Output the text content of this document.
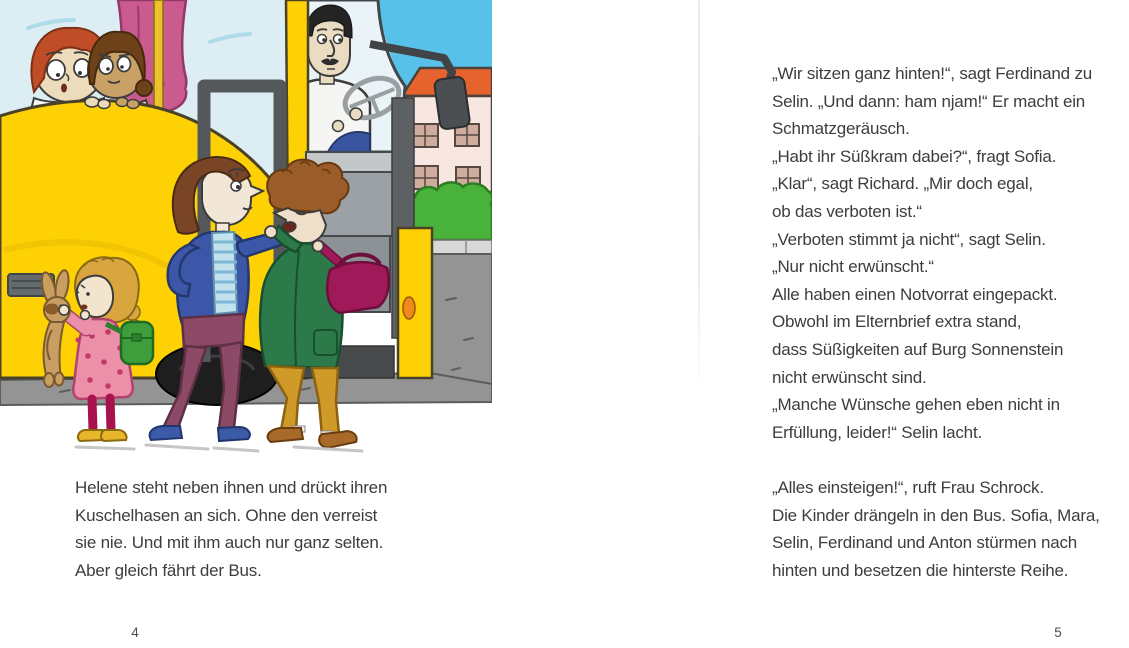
Helene steht neben ihnen und drückt ihren
Kuschelhasen an sich. Ohne den verreist
sie nie. Und mit ihm auch nur ganz selten.
Aber gleich fährt der Bus.
„Wir sitzen ganz hinten!“, sagt Ferdinand zu
Selin. „Und dann: ham njam!“ Er macht ein
Schmatzgeräusch.
„Habt ihr Süßkram dabei?“, fragt Sofia.
„Klar“, sagt Richard. „Mir doch egal,
ob das verboten ist.“
„Verboten stimmt ja nicht“, sagt Selin.
„Nur nicht erwünscht.“
Alle haben einen Notvorrat eingepackt.
Obwohl im Elternbrief extra stand,
dass Süßigkeiten auf Burg Sonnenstein
nicht erwünscht sind.
„Manche Wünsche gehen eben nicht in
Erfüllung, leider!“ Selin lacht.
„Alles einsteigen!“, ruft Frau Schrock.
Die Kinder drängeln in den Bus. Sofia, Mara,
Selin, Ferdinand und Anton stürmen nach
hinten und besetzen die hinterste Reihe.
4	5
